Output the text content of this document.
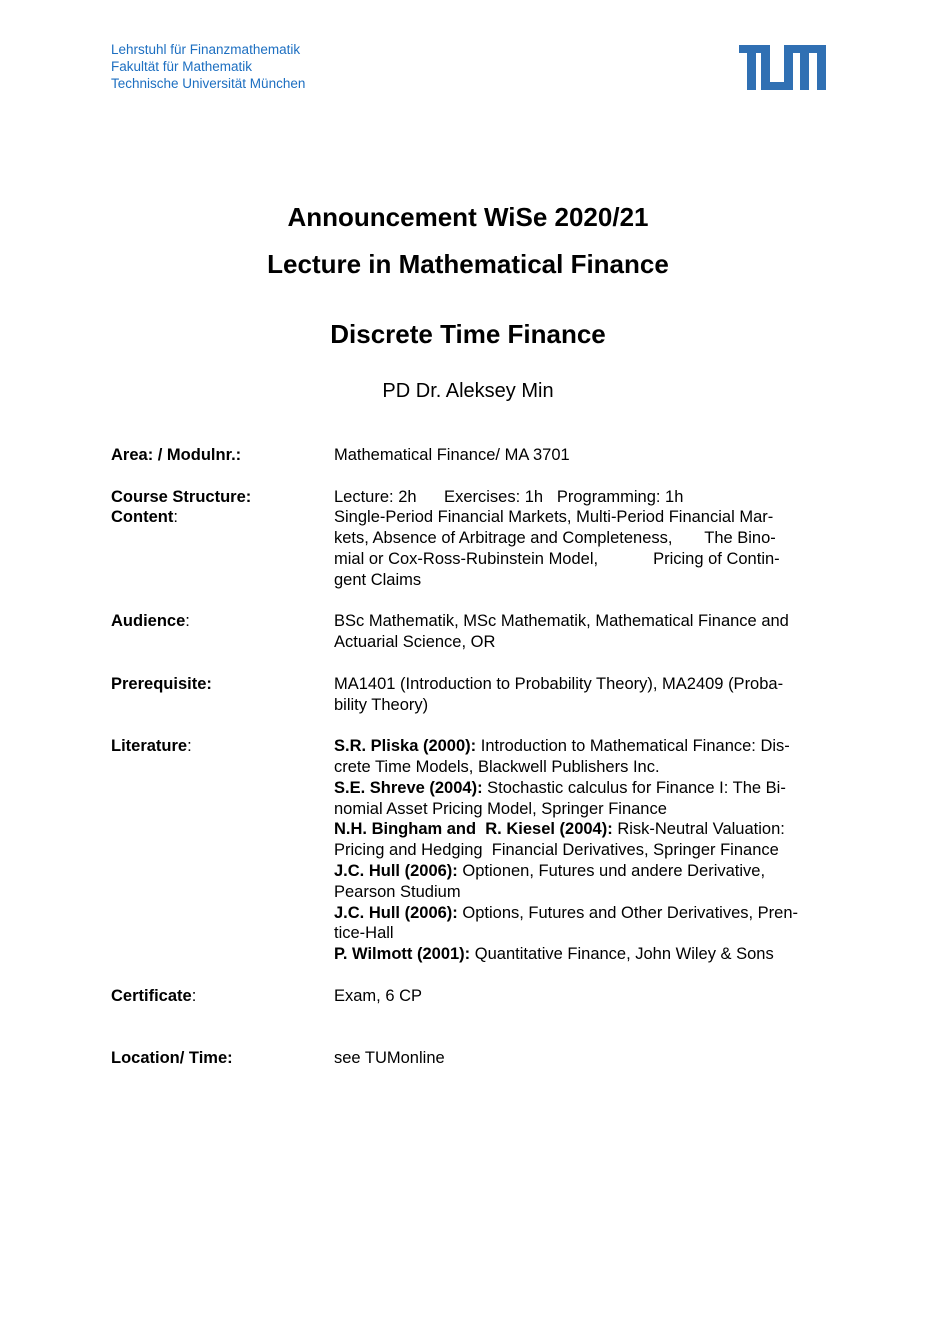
Lehrstuhl für Finanzmathematik
Fakultät für Mathematik
Technische Universität München
Announcement WiSe 2020/21
Lecture in Mathematical Finance
Discrete Time Finance
PD Dr. Aleksey Min
Area: / Modulnr.:	Mathematical Finance/ MA 3701
Course Structure:	Lecture: 2h      Exercises: 1h   Programming: 1h
Content:	Single-Period Financial Markets, Multi-Period Financial Mar-
kets, Absence of Arbitrage and Completeness,       The Bino-
mial or Cox-Ross-Rubinstein Model,            Pricing of Contin-
gent Claims
Audience:	BSc Mathematik, MSc Mathematik, Mathematical Finance and
Actuarial Science, OR
Prerequisite:	MA1401 (Introduction to Probability Theory), MA2409 (Proba-
bility Theory)
Literature:	S.R. Pliska (2000): Introduction to Mathematical Finance: Dis-
crete Time Models, Blackwell Publishers Inc.
S.E. Shreve (2004): Stochastic calculus for Finance I: The Bi-
nomial Asset Pricing Model, Springer Finance
N.H. Bingham and  R. Kiesel (2004): Risk-Neutral Valuation:
Pricing and Hedging  Financial Derivatives, Springer Finance
J.C. Hull (2006): Optionen, Futures und andere Derivative,
Pearson Studium
J.C. Hull (2006): Options, Futures and Other Derivatives, Pren-
tice-Hall
P. Wilmott (2001): Quantitative Finance, John Wiley & Sons
Certificate:	Exam, 6 CP
Location/ Time:	see TUMonline
